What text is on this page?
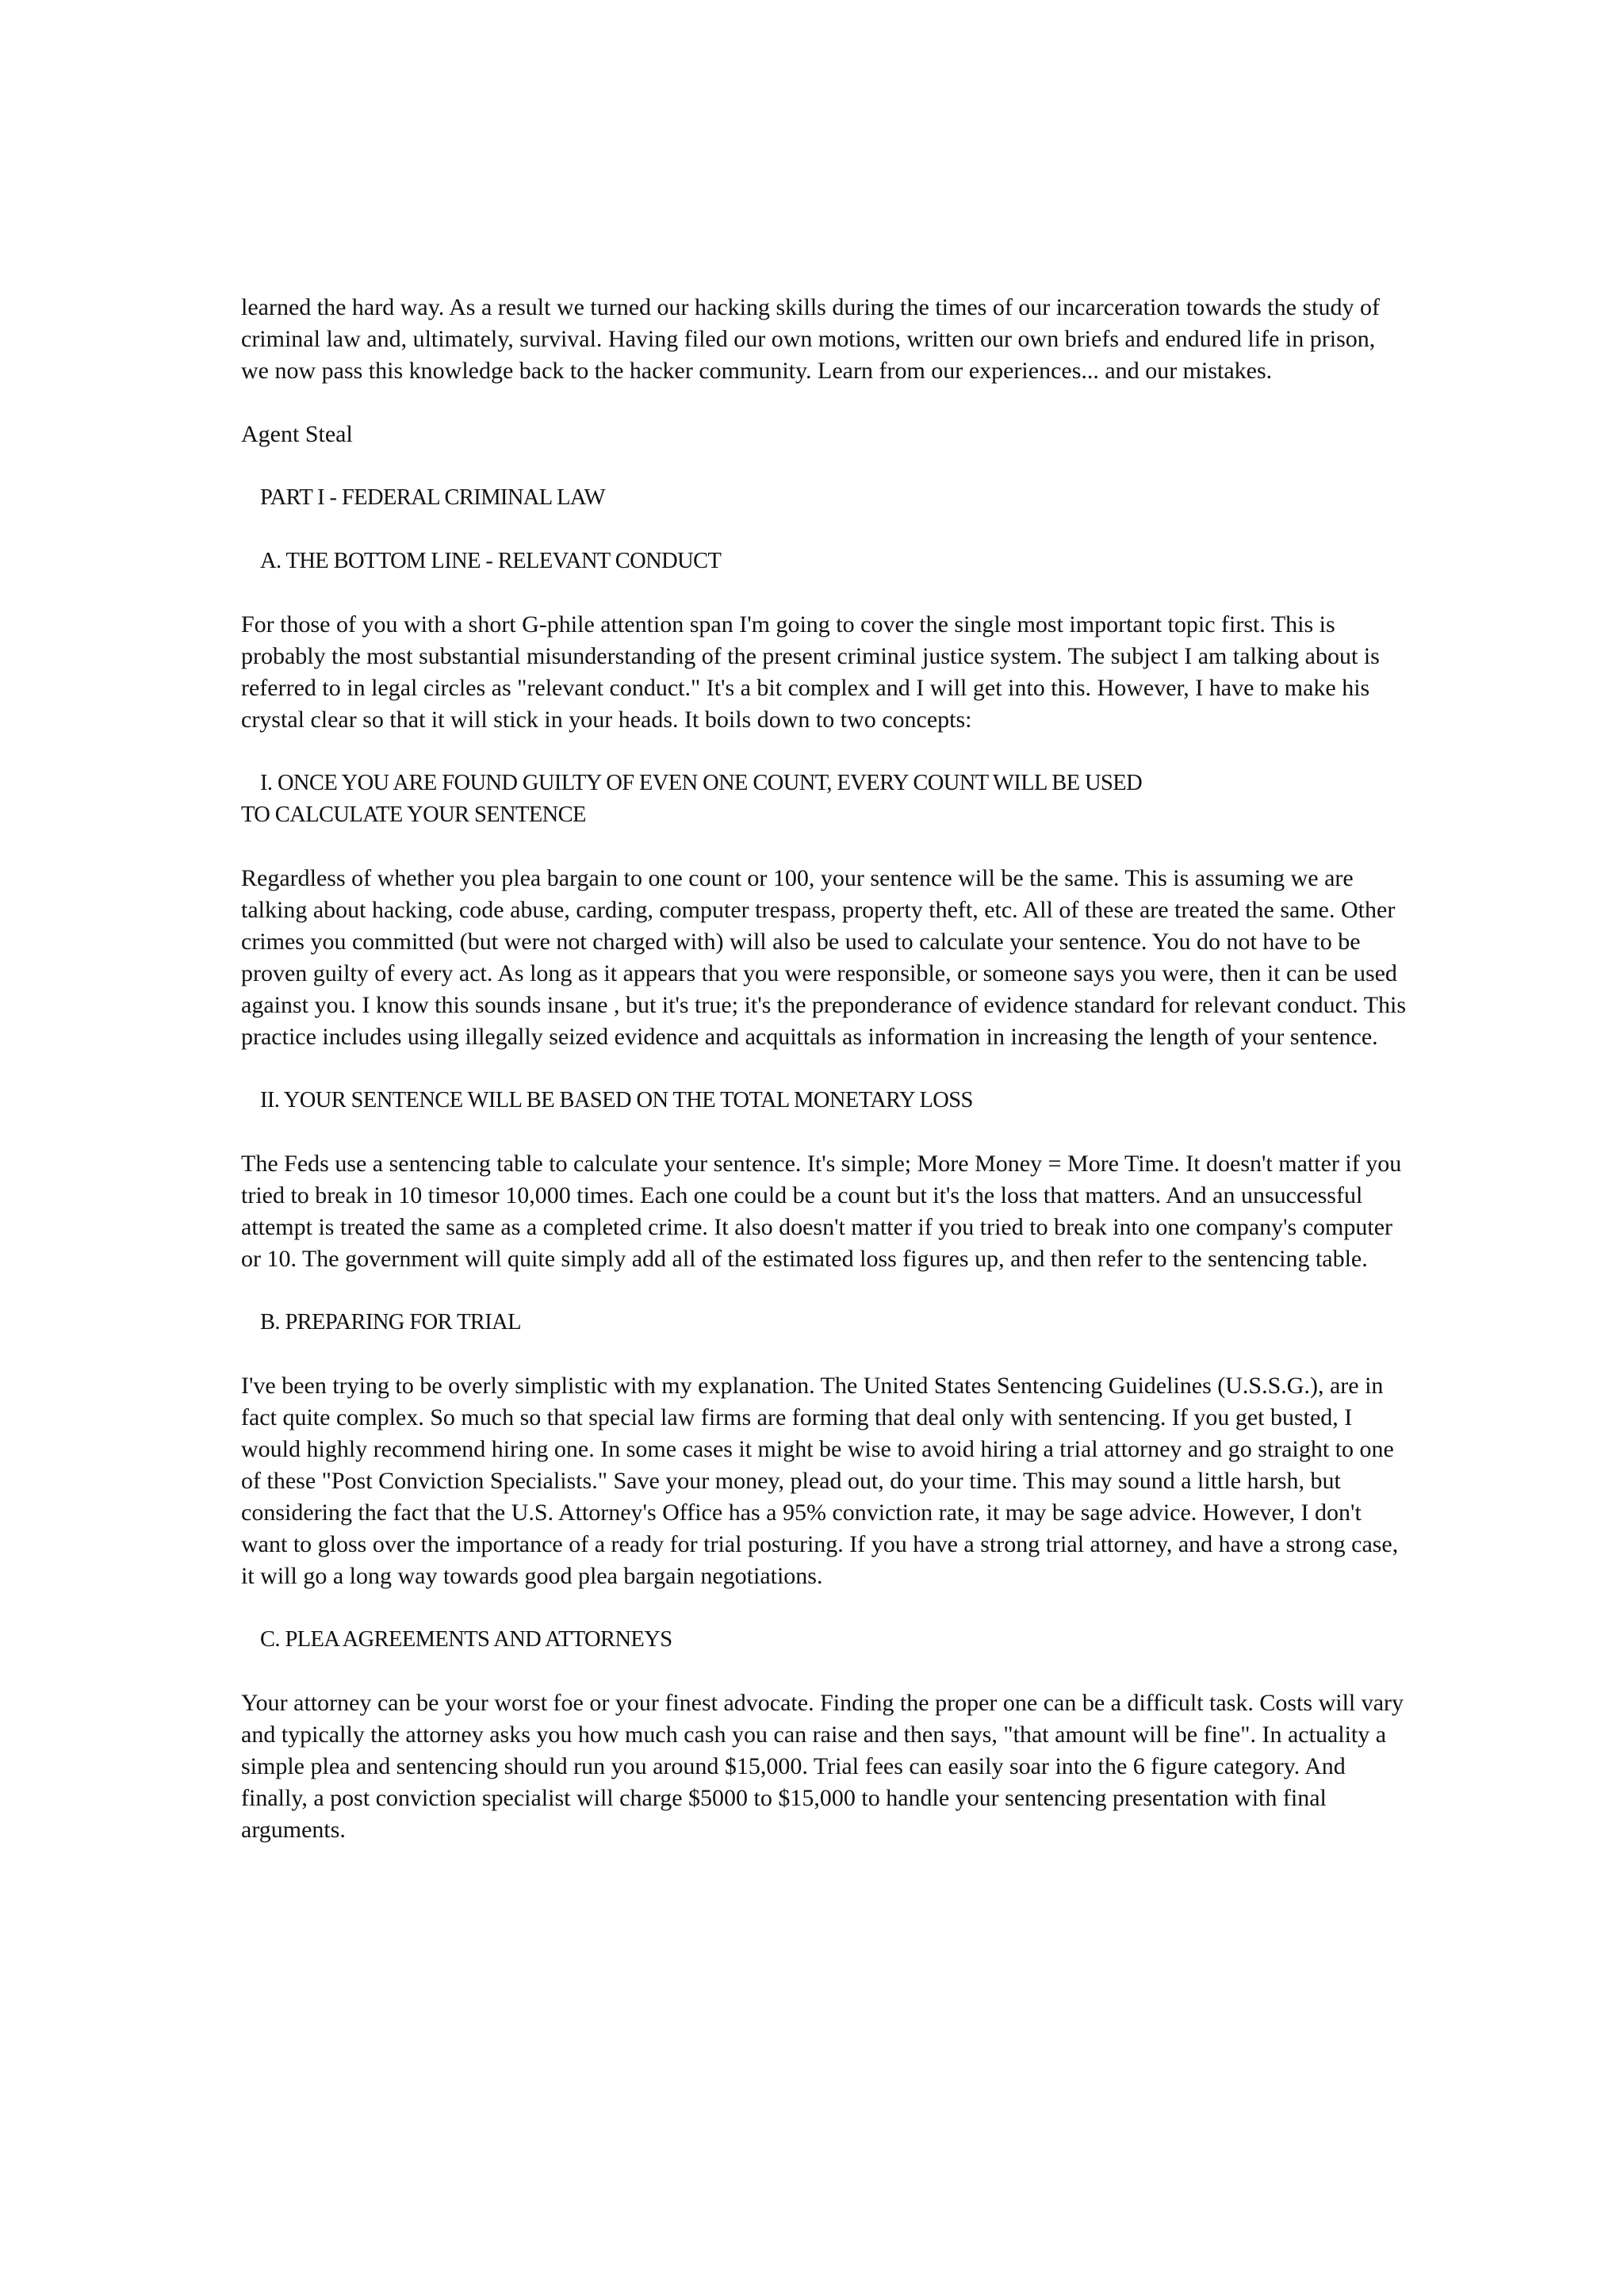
learned the hard way. As a result we turned our hacking skills during the times of our incarceration towards the study of criminal law and, ultimately, survival. Having filed our own motions, written our own briefs and endured life in prison, we now pass this knowledge back to the hacker community. Learn from our experiences... and our mistakes.

Agent Steal

PART I - FEDERAL CRIMINAL LAW

A. THE BOTTOM LINE - RELEVANT CONDUCT

For those of you with a short G-phile attention span I'm going to cover the single most important topic first. This is probably the most substantial misunderstanding of the present criminal justice system. The subject I am talking about is referred to in legal circles as "relevant conduct." It's a bit complex and I will get into this. However, I have to make his crystal clear so that it will stick in your heads. It boils down to two concepts:

I. ONCE YOU ARE FOUND GUILTY OF EVEN ONE COUNT, EVERY COUNT WILL BE USED
TO CALCULATE YOUR SENTENCE

Regardless of whether you plea bargain to one count or 100, your sentence will be the same. This is assuming we are talking about hacking, code abuse, carding, computer trespass, property theft, etc. All of these are treated the same. Other crimes you committed (but were not charged with) will also be used to calculate your sentence. You do not have to be proven guilty of every act. As long as it appears that you were responsible, or someone says you were, then it can be used against you. I know this sounds insane , but it's true; it's the preponderance of evidence standard for relevant conduct. This practice includes using illegally seized evidence and acquittals as information in increasing the length of your sentence.

II. YOUR SENTENCE WILL BE BASED ON THE TOTAL MONETARY LOSS

The Feds use a sentencing table to calculate your sentence. It's simple; More Money = More Time. It doesn't matter if you tried to break in 10 timesor 10,000 times. Each one could be a count but it's the loss that matters. And an unsuccessful attempt is treated the same as a completed crime. It also doesn't matter if you tried to break into one company's computer or 10. The government will quite simply add all of the estimated loss figures up, and then refer to the sentencing table.

B. PREPARING FOR TRIAL

I've been trying to be overly simplistic with my explanation. The United States Sentencing Guidelines (U.S.S.G.), are in fact quite complex. So much so that special law firms are forming that deal only with sentencing. If you get busted, I would highly recommend hiring one. In some cases it might be wise to avoid hiring a trial attorney and go straight to one of these "Post Conviction Specialists." Save your money, plead out, do your time. This may sound a little harsh, but considering the fact that the U.S. Attorney's Office has a 95% conviction rate, it may be sage advice. However, I don't want to gloss over the importance of a ready for trial posturing. If you have a strong trial attorney, and have a strong case, it will go a long way towards good plea bargain negotiations.

C. PLEA AGREEMENTS AND ATTORNEYS

Your attorney can be your worst foe or your finest advocate. Finding the proper one can be a difficult task. Costs will vary and typically the attorney asks you how much cash you can raise and then says, "that amount will be fine". In actuality a simple plea and sentencing should run you around $15,000. Trial fees can easily soar into the 6 figure category. And finally, a post conviction specialist will charge $5000 to $15,000 to handle your sentencing presentation with final arguments.
